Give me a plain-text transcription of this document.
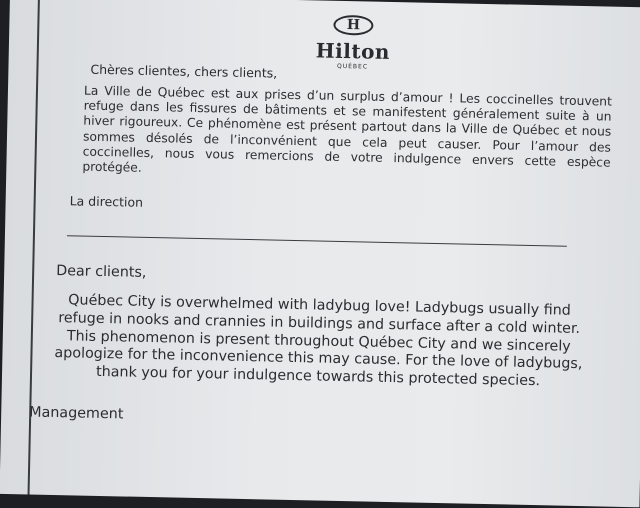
H
Hilton
QUÉBEC
Chères clientes, chers clients,
La Ville de Québec est aux prises d’un surplus d’amour ! Les coccinelles trouvent refuge dans les fissures de bâtiments et se manifestent généralement suite à un hiver rigoureux. Ce phénomène est présent partout dans la Ville de Québec et nous sommes désolés de l’inconvénient que cela peut causer. Pour l’amour des coccinelles, nous vous remercions de votre indulgence envers cette espèce protégée.
La direction
Dear clients,
Québec City is overwhelmed with ladybug love! Ladybugs usually find refuge in nooks and crannies in buildings and surface after a cold winter. This phenomenon is present throughout Québec City and we sincerely apologize for the inconvenience this may cause. For the love of ladybugs, thank you for your indulgence towards this protected species.
Management
